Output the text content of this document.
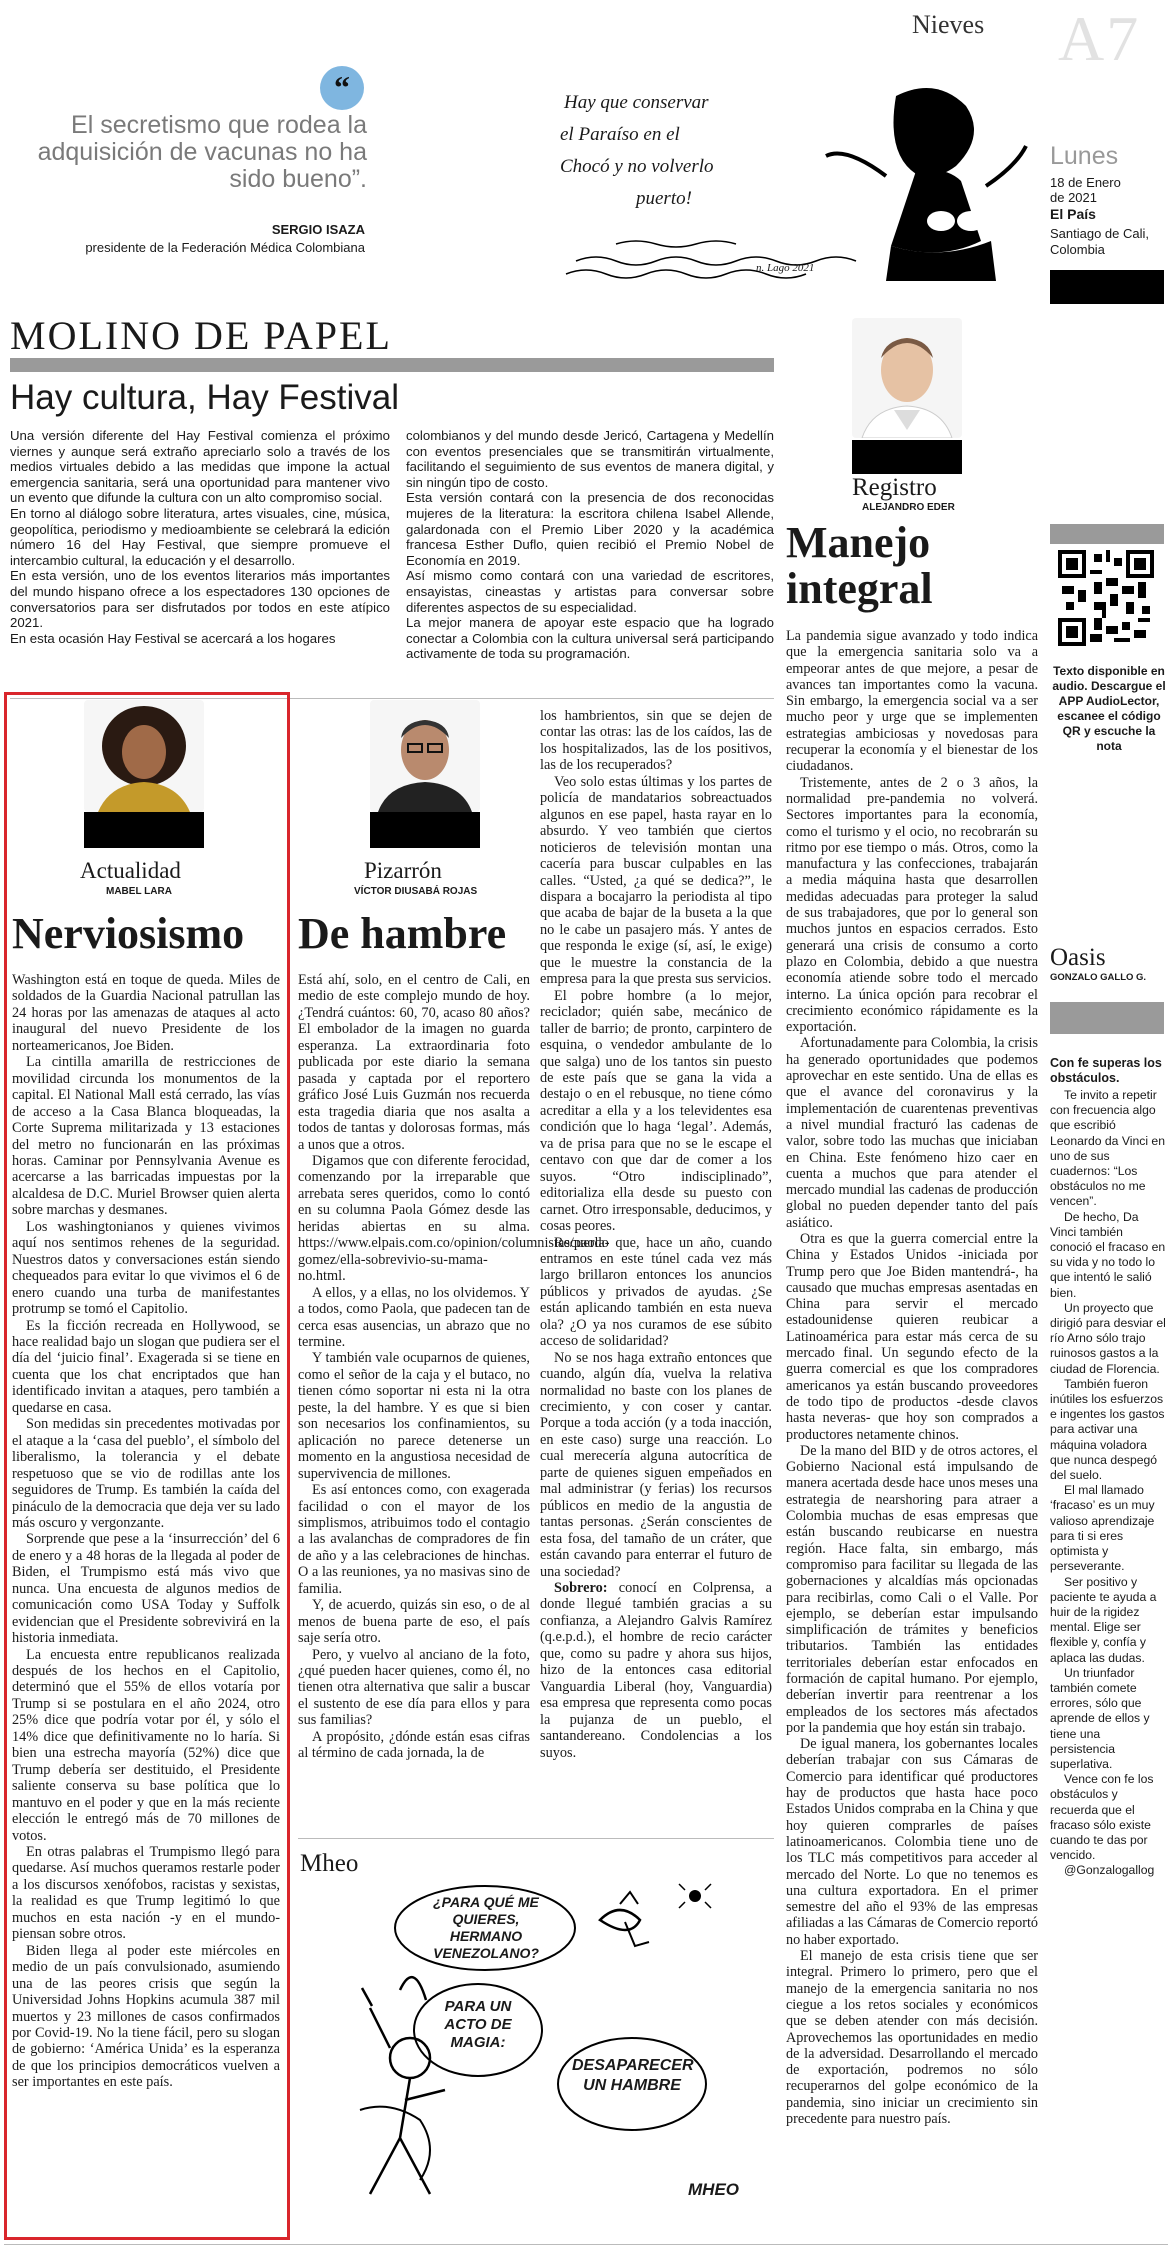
Nieves A7
“
El secretismo que rodea la adquisición de vacunas no ha sido bueno”.
SERGIO ISAZA
presidente de la Federación Médica Colombiana
Hay que conservar
el Paraíso en el
Chocó y no volverlo
puerto!
n. Lago 2021
Lunes
18 de Enero
de 2021
El País
Santiago de Cali,
Colombia
MOLINO DE PAPEL
Hay cultura, Hay Festival

Una versión diferente del Hay Festival comienza el próximo viernes y aunque será extraño apreciarlo solo a través de los medios virtuales debido a las medidas que impone la actual emergencia sanitaria, será una oportunidad para mantener vivo un evento que difunde la cultura con un alto compromiso social.

En torno al diálogo sobre literatura, artes visuales, cine, música, geopolítica, periodismo y medioambiente se celebrará la edición número 16 del Hay Festival, que siempre promueve el intercambio cultural, la educación y el desarrollo.

En esta versión, uno de los eventos literarios más importantes del mundo hispano ofrece a los espectadores 130 opciones de conversatorios para ser disfrutados por todos en este atípico 2021.

En esta ocasión Hay Festival se acercará a los hogares

colombianos y del mundo desde Jericó, Cartagena y Medellín con eventos presenciales que se transmitirán virtualmente, facilitando el seguimiento de sus eventos de manera digital, y sin ningún tipo de costo.

Esta versión contará con la presencia de dos reconocidas mujeres de la literatura: la escritora chilena Isabel Allende, galardonada con el Premio Liber 2020 y la académica francesa Esther Duflo, quien recibió el Premio Nobel de Economía en 2019.

Así mismo como contará con una variedad de escritores, ensayistas, cineastas y artistas para conversar sobre diferentes aspectos de su especialidad.

La mejor manera de apoyar este espacio que ha logrado conectar a Colombia con la cultura universal será participando activamente de toda su programación.

Registro
ALEJANDRO EDER
Manejo integral

La pandemia sigue avanzado y todo indica que la emergencia sanitaria solo va a empeorar antes de que mejore, a pesar de avances tan importantes como la vacuna. Sin embargo, la emergencia social va a ser mucho peor y urge que se implementen estrategias ambiciosas y novedosas para recuperar la economía y el bienestar de los ciudadanos.

Tristemente, antes de 2 o 3 años, la normalidad pre-pandemia no volverá. Sectores importantes para la economía, como el turismo y el ocio, no recobrarán su ritmo por ese tiempo o más. Otros, como la manufactura y las confecciones, trabajarán a media máquina hasta que desarrollen medidas adecuadas para proteger la salud de sus trabajadores, que por lo general son muchos juntos en espacios cerrados. Esto generará una crisis de consumo a corto plazo en Colombia, debido a que nuestra economía atiende sobre todo el mercado interno. La única opción para recobrar el crecimiento económico rápidamente es la exportación.

Afortunadamente para Colombia, la crisis ha generado oportunidades que podemos aprovechar en este sentido. Una de ellas es que el avance del coronavirus y la implementación de cuarentenas preventivas a nivel mundial fracturó las cadenas de valor, sobre todo las muchas que iniciaban en China. Este fenómeno hizo caer en cuenta a muchos que para atender el mercado mundial las cadenas de producción global no pueden depender tanto del país asiático.

Otra es que la guerra comercial entre la China y Estados Unidos -iniciada por Trump pero que Joe Biden mantendrá-, ha causado que muchas empresas asentadas en China para servir el mercado estadounidense quieren reubicar a Latinoamérica para estar más cerca de su mercado final. Un segundo efecto de la guerra comercial es que los compradores americanos ya están buscando proveedores de todo tipo de productos -desde clavos hasta neveras- que hoy son comprados a productores netamente chinos.

De la mano del BID y de otros actores, el Gobierno Nacional está impulsando de manera acertada desde hace unos meses una estrategia de nearshoring para atraer a Colombia muchas de esas empresas que están buscando reubicarse en nuestra región. Hace falta, sin embargo, más compromiso para facilitar su llegada de las gobernaciones y alcaldías más opcionadas para recibirlas, como Cali o el Valle. Por ejemplo, se deberían estar impulsando simplificación de trámites y beneficios tributarios. También las entidades territoriales deberían estar enfocados en formación de capital humano. Por ejemplo, deberían invertir para reentrenar a los empleados de los sectores más afectados por la pandemia que hoy están sin trabajo.

De igual manera, los gobernantes locales deberían trabajar con sus Cámaras de Comercio para identificar qué productores hay de productos que hasta hace poco Estados Unidos compraba en la China y que hoy quieren comprarles de países latinoamericanos. Colombia tiene uno de los TLC más competitivos para acceder al mercado del Norte. Lo que no tenemos es una cultura exportadora. En el primer semestre del año el 93% de las empresas afiliadas a las Cámaras de Comercio reportó no haber exportado.

El manejo de esta crisis tiene que ser integral. Primero lo primero, pero que el manejo de la emergencia sanitaria no nos ciegue a los retos sociales y económicos que se deben atender con más decisión. Aprovechemos las oportunidades en medio de la adversidad. Desarrollando el mercado de exportación, podremos no sólo recuperarnos del golpe económico de la pandemia, sino iniciar un crecimiento sin precedente para nuestro país.

Texto disponible en audio. Descargue el APP AudioLector, escanee el código QR y escuche la nota
Oasis
GONZALO GALLO G.
Con fe superas los obstáculos.

Te invito a repetir con frecuencia algo que escribió Leonardo da Vinci en uno de sus cuadernos: “Los obstáculos no me vencen”.

De hecho, Da Vinci también conoció el fracaso en su vida y no todo lo que intentó le salió bien.

Un proyecto que dirigió para desviar el río Arno sólo trajo ruinosos gastos a la ciudad de Florencia.

También fueron inútiles los esfuerzos e ingentes los gastos para activar una máquina voladora que nunca despegó del suelo.

El mal llamado ‘fracaso’ es un muy valioso aprendizaje para ti si eres optimista y perseverante.

Ser positivo y paciente te ayuda a huir de la rigidez mental. Elige ser flexible y, confía y aplaca las dudas.

Un triunfador también comete errores, sólo que aprende de ellos y tiene una persistencia superlativa.

Vence con fe los obstáculos y recuerda que el fracaso sólo existe cuando te das por vencido.

@Gonzalogallog

Actualidad
MABEL LARA
Nerviosismo

Washington está en toque de queda. Miles de soldados de la Guardia Nacional patrullan las 24 horas por las amenazas de ataques al acto inaugural del nuevo Presidente de los norteamericanos, Joe Biden.

La cintilla amarilla de restricciones de movilidad circunda los monumentos de la capital. El National Mall está cerrado, las vías de acceso a la Casa Blanca bloqueadas, la Corte Suprema militarizada y 13 estaciones del metro no funcionarán en las próximas horas. Caminar por Pennsylvania Avenue es acercarse a las barricadas impuestas por la alcaldesa de D.C. Muriel Browser quien alerta sobre marchas y desmanes.

Los washingtonianos y quienes vivimos aquí nos sentimos rehenes de la seguridad. Nuestros datos y conversaciones están siendo chequeados para evitar lo que vivimos el 6 de enero cuando una turba de manifestantes protrump se tomó el Capitolio.

Es la ficción recreada en Hollywood, se hace realidad bajo un slogan que pudiera ser el día del ‘juicio final’. Exagerada si se tiene en cuenta que los chat encriptados que han identificado invitan a ataques, pero también a quedarse en casa.

Son medidas sin precedentes motivadas por el ataque a la ‘casa del pueblo’, el símbolo del liberalismo, la tolerancia y el debate respetuoso que se vio de rodillas ante los seguidores de Trump. Es también la caída del pináculo de la democracia que deja ver su lado más oscuro y vergonzante.

Sorprende que pese a la ‘insurrección’ del 6 de enero y a 48 horas de la llegada al poder de Biden, el Trumpismo está más vivo que nunca. Una encuesta de algunos medios de comunicación como USA Today y Suffolk evidencian que el Presidente sobrevivirá en la historia inmediata.

La encuesta entre republicanos realizada después de los hechos en el Capitolio, determinó que el 55% de ellos votaría por Trump si se postulara en el año 2024, otro 25% dice que podría votar por él, y sólo el 14% dice que definitivamente no lo haría. Si bien una estrecha mayoría (52%) dice que Trump debería ser destituido, el Presidente saliente conserva su base política que lo mantuvo en el poder y que en la más reciente elección le entregó más de 70 millones de votos.

En otras palabras el Trumpismo llegó para quedarse. Así muchos queramos restarle poder a los discursos xenófobos, racistas y sexistas, la realidad es que Trump legitimó lo que muchos en esta nación -y en el mundo- piensan sobre otros.

Biden llega al poder este miércoles en medio de un país convulsionado, asumiendo una de las peores crisis que según la Universidad Johns Hopkins acumula 387 mil muertos y 23 millones de casos confirmados por Covid-19. No la tiene fácil, pero su slogan de gobierno: ‘América Unida’ es la esperanza de que los principios democráticos vuelven a ser importantes en este país.

Pizarrón
VÍCTOR DIUSABÁ ROJAS
De hambre

Está ahí, solo, en el centro de Cali, en medio de este complejo mundo de hoy. ¿Tendrá cuántos: 60, 70, acaso 80 años? El embolador de la imagen no guarda esperanza. La extraordinaria foto publicada por este diario la semana pasada y captada por el reportero gráfico José Luis Guzmán nos recuerda esta tragedia diaria que nos asalta a todos de tantas y dolorosas formas, más a unos que a otros.

Digamos que con diferente ferocidad, comenzando por la irreparable que arrebata seres queridos, como lo contó en su columna Paola Gómez desde las heridas abiertas en su alma. https://www.elpais.com.co/opinion/columnistas/paola-gomez/ella-sobrevivio-su-mama-no.html.

A ellos, y a ellas, no los olvidemos. Y a todos, como Paola, que padecen tan de cerca esas ausencias, un abrazo que no termine.

Y también vale ocuparnos de quienes, como el señor de la caja y el butaco, no tienen cómo soportar ni esta ni la otra peste, la del hambre. Y es que si bien son necesarios los confinamientos, su aplicación no parece detenerse un momento en la angustiosa necesidad de supervivencia de millones.

Es así entonces como, con exagerada facilidad o con el mayor de los simplismos, atribuimos todo el contagio a las avalanchas de compradores de fin de año y a las celebraciones de hinchas. O a las reuniones, ya no masivas sino de familia.

Y, de acuerdo, quizás sin eso, o de al menos de buena parte de eso, el país saje sería otro.

Pero, y vuelvo al anciano de la foto, ¿qué pueden hacer quienes, como él, no tienen otra alternativa que salir a buscar el sustento de ese día para ellos y para sus familias?

A propósito, ¿dónde están esas cifras al término de cada jornada, la de

los hambrientos, sin que se dejen de contar las otras: las de los caídos, las de los hospitalizados, las de los positivos, las de los recuperados?

Veo solo estas últimas y los partes de policía de mandatarios sobreactuados algunos en ese papel, hasta rayar en lo absurdo. Y veo también que ciertos noticieros de televisión montan una cacería para buscar culpables en las calles. “Usted, ¿a qué se dedica?”, le dispara a bocajarro la periodista al tipo que acaba de bajar de la buseta a la que no le cabe un pasajero más. Y antes de que responda le exige (sí, así, le exige) que le muestre la constancia de la empresa para la que presta sus servicios.

El pobre hombre (a lo mejor, reciclador; quién sabe, mecánico de taller de barrio; de pronto, carpintero de esquina, o vendedor ambulante de lo que salga) uno de los tantos sin puesto de este país que se gana la vida a destajo o en el rebusque, no tiene cómo acreditar a ella y a los televidentes esa condición que lo haga ‘legal’. Además, va de prisa para que no se le escape el centavo con que dar de comer a los suyos. “Otro indisciplinado”, editorializa ella desde su puesto con carnet. Otro irresponsable, deducimos, y cosas peores.

Recuerdo que, hace un año, cuando entramos en este túnel cada vez más largo brillaron entonces los anuncios públicos y privados de ayudas. ¿Se están aplicando también en esta nueva ola? ¿O ya nos curamos de ese súbito acceso de solidaridad?

No se nos haga extraño entonces que cuando, algún día, vuelva la relativa normalidad no baste con los planes de crecimiento, y con coser y cantar. Porque a toda acción (y a toda inacción, en este caso) surge una reacción. Lo cual merecería alguna autocrítica de parte de quienes siguen empeñados en mal administrar (y ferias) los recursos públicos en medio de la angustia de tantas personas. ¿Serán conscientes de esta fosa, del tamaño de un cráter, que están cavando para enterrar el futuro de una sociedad?

Sobrero: conocí en Colprensa, a donde llegué también gracias a su confianza, a Alejandro Galvis Ramírez (q.e.p.d.), el hombre de recio carácter que, como su padre y ahora sus hijos, hizo de la entonces casa editorial Vanguardia Liberal (hoy, Vanguardia) esa empresa que representa como pocas la pujanza de un pueblo, el santandereano. Condolencias a los suyos.

Mheo
¿PARA QUÉ ME QUIERES, HERMANO VENEZOLANO?
PARA UN ACTO DE MAGIA:
DESAPARECER UN HAMBRE
MHEO
